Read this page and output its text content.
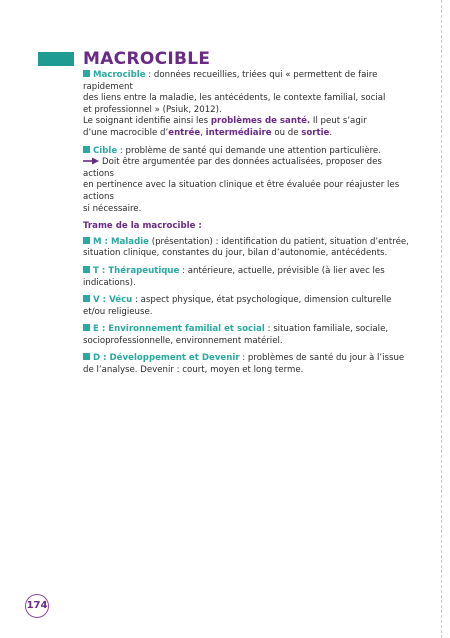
MACROCIBLE

Macrocible : données recueillies, triées qui « permettent de faire rapidement

des liens entre la maladie, les antécédents, le contexte familial, social

et professionnel » (Psiuk, 2012).

Le soignant identifie ainsi les problèmes de santé. Il peut s’agir

d’une macrocible d’entrée, intermédiaire ou de sortie.

Cible : problème de santé qui demande une attention particulière.

Doit être argumentée par des données actualisées, proposer des actions

en pertinence avec la situation clinique et être évaluée pour réajuster les actions

si nécessaire.

Trame de la macrocible :

M : Maladie (présentation) : identification du patient, situation d’entrée,

situation clinique, constantes du jour, bilan d’autonomie, antécédents.

T : Thérapeutique : antérieure, actuelle, prévisible (à lier avec les indications).

V : Vécu : aspect physique, état psychologique, dimension culturelle

et/ou religieuse.

E : Environnement familial et social : situation familiale, sociale,

socioprofessionnelle, environnement matériel.

D : Développement et Devenir : problèmes de santé du jour à l’issue

de l’analyse. Devenir : court, moyen et long terme.

174
